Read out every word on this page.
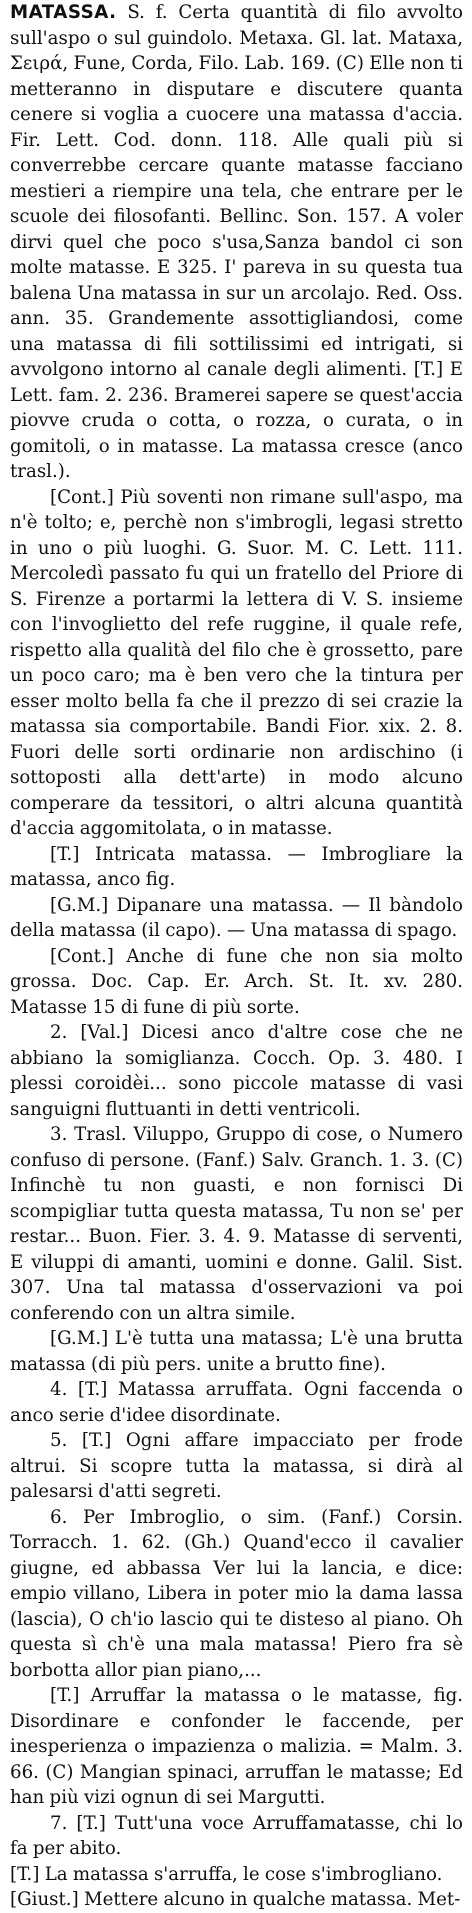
MATASSA. S. f. Certa quantità di filo avvolto sull'aspo o sul guindolo. Metaxa. Gl. lat. Mataxa, Σειρά, Fune, Corda, Filo. Lab. 169. (C) Elle non ti metteranno in disputare e discutere quanta cenere si voglia a cuocere una matassa d'accia. Fir. Lett. Cod. donn. 118. Alle quali più si converrebbe cercare quante matasse facciano mestieri a riempire una tela, che entrare per le scuole dei filosofanti. Bellinc. Son. 157. A voler dirvi quel che poco s'usa,Sanza bandol ci son molte matasse. E 325. I' pareva in su questa tua balena Una matassa in sur un arcolajo. Red. Oss. ann. 35. Grandemente assottigliandosi, come una matassa di fili sottilissimi ed intrigati, si avvolgono intorno al canale degli alimenti. [T.] E Lett. fam. 2. 236. Bramerei sapere se quest'accia piovve cruda o cotta, o rozza, o curata, o in gomitoli, o in matasse. La matassa cresce (anco trasl.).

[Cont.] Più soventi non rimane sull'aspo, ma n'è tolto; e, perchè non s'imbrogli, legasi stretto in uno o più luoghi. G. Suor. M. C. Lett. 111. Mercoledì passato fu qui un fratello del Priore di S. Firenze a portarmi la lettera di V. S. insieme con l'invoglietto del refe ruggine, il quale refe, rispetto alla qualità del filo che è grossetto, pare un poco caro; ma è ben vero che la tintura per esser molto bella fa che il prezzo di sei crazie la matassa sia comportabile. Bandi Fior. xix. 2. 8. Fuori delle sorti ordinarie non ardischino (i sottoposti alla dett'arte) in modo alcuno comperare da tessitori, o altri alcuna quantità d'accia aggomitolata, o in matasse.

[T.] Intricata matassa. — Imbrogliare la matassa, anco fig.

[G.M.] Dipanare una matassa. — Il bàndolo della matassa (il capo). — Una matassa di spago.

[Cont.] Anche di fune che non sia molto grossa. Doc. Cap. Er. Arch. St. It. xv. 280. Matasse 15 di fune di più sorte.

2. [Val.] Dicesi anco d'altre cose che ne abbiano la somiglianza. Cocch. Op. 3. 480. I plessi coroidèi... sono piccole matasse di vasi sanguigni fluttuanti in detti ventricoli.

3. Trasl. Viluppo, Gruppo di cose, o Numero confuso di persone. (Fanf.) Salv. Granch. 1. 3. (C) Infinchè tu non guasti, e non fornisci Di scompigliar tutta questa matassa, Tu non se' per restar... Buon. Fier. 3. 4. 9. Matasse di serventi, E viluppi di amanti, uomini e donne. Galil. Sist. 307. Una tal matassa d'osservazioni va poi conferendo con un altra simile.

[G.M.] L'è tutta una matassa; L'è una brutta matassa (di più pers. unite a brutto fine).

4. [T.] Matassa arruffata. Ogni faccenda o anco serie d'idee disordinate.

5. [T.] Ogni affare impacciato per frode altrui. Si scopre tutta la matassa, si dirà al palesarsi d'atti segreti.

6. Per Imbroglio, o sim. (Fanf.) Corsin. Torracch. 1. 62. (Gh.) Quand'ecco il cavalier giugne, ed abbassa Ver lui la lancia, e dice: empio villano, Libera in poter mio la dama lassa (lascia), O ch'io lascio qui te disteso al piano. Oh questa sì ch'è una mala matassa! Piero fra sè borbotta allor pian piano,...

[T.] Arruffar la matassa o le matasse, fig. Disordinare e confonder le faccende, per inesperienza o impazienza o malizia. = Malm. 3. 66. (C) Mangian spinaci, arruffan le matasse; Ed han più vizi ognun di sei Margutti.

7. [T.] Tutt'una voce Arruffamatasse, chi lo fa per abito.

[T.] La matassa s'arruffa, le cose s'imbrogliano.

[Giust.] Mettere alcuno in qualche matassa. Met-
